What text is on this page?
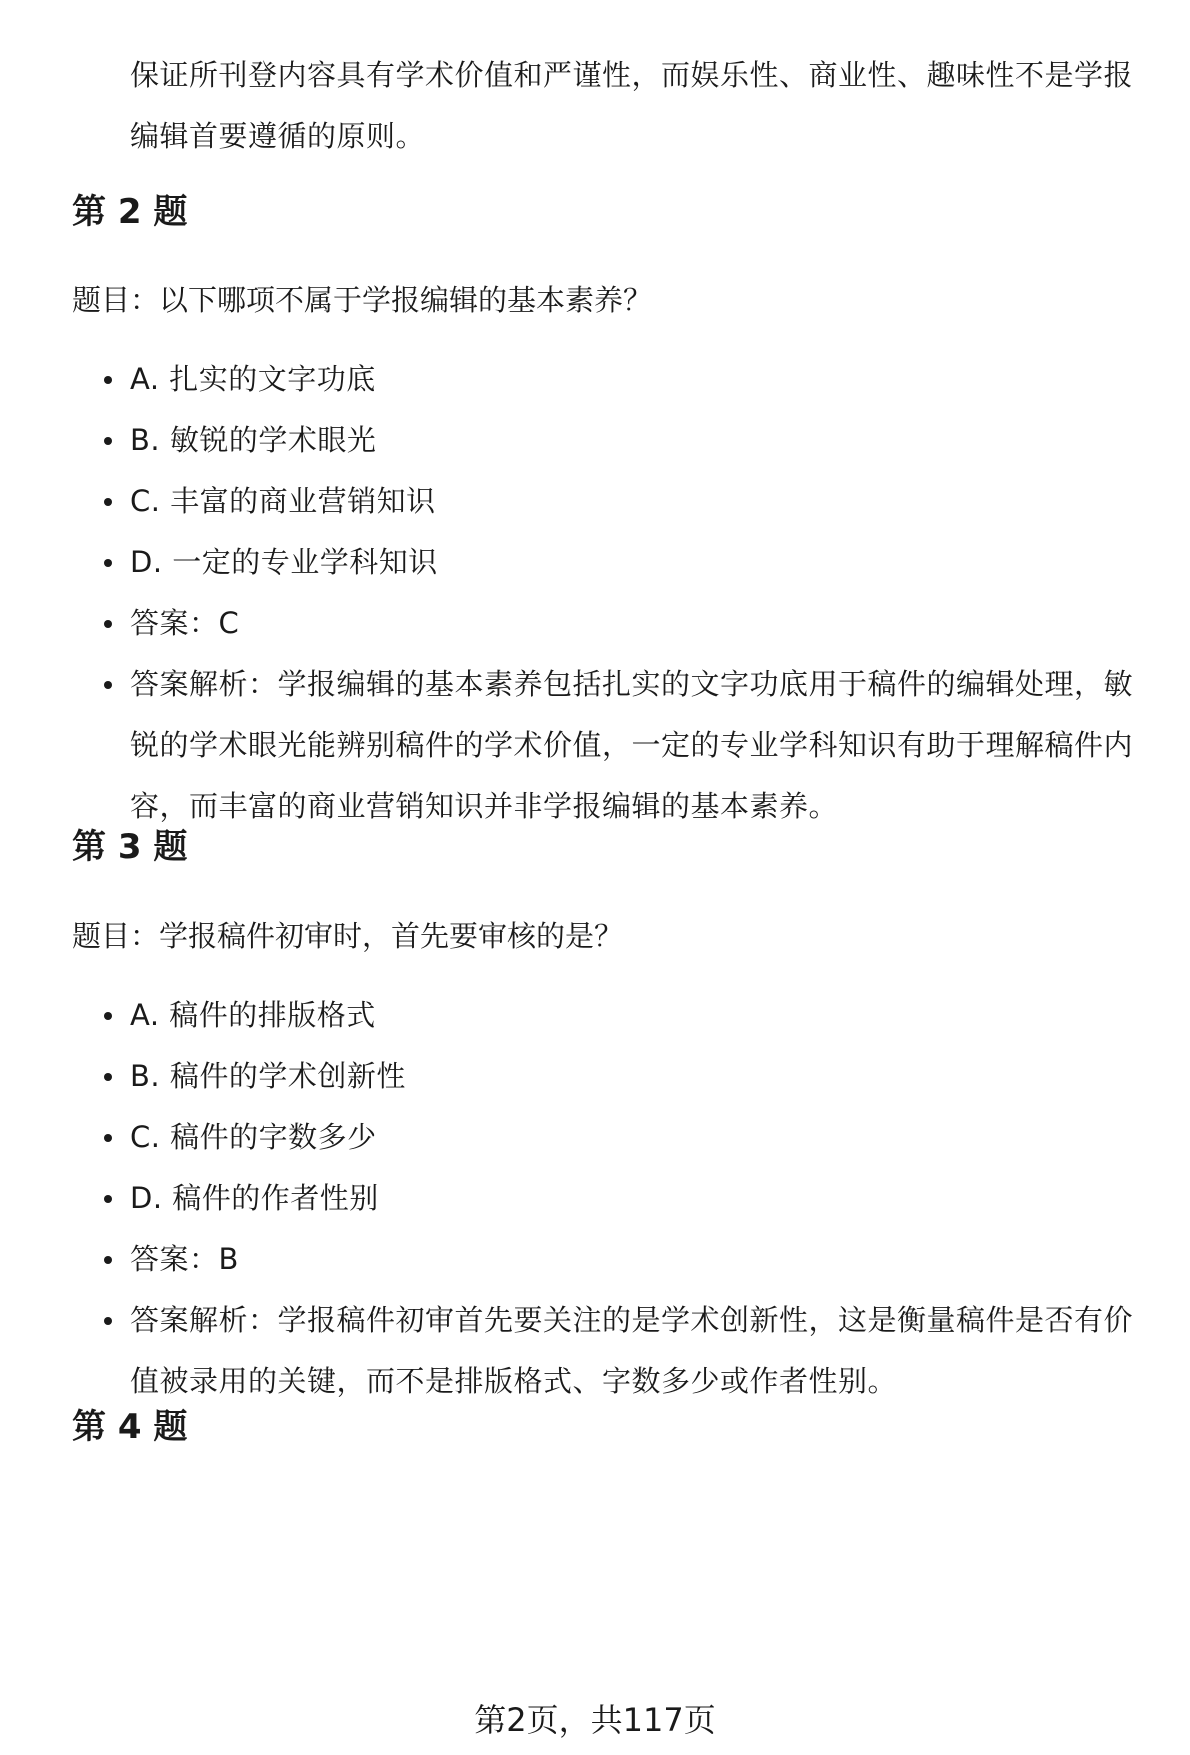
保证所刊登内容具有学术价值和严谨性，而娱乐性、商业性、趣味性不是学报编辑首要遵循的原则。
第 2 题
题目：以下哪项不属于学报编辑的基本素养？
A. 扎实的文字功底
B. 敏锐的学术眼光
C. 丰富的商业营销知识
D. 一定的专业学科知识
答案：C
答案解析：学报编辑的基本素养包括扎实的文字功底用于稿件的编辑处理，敏锐的学术眼光能辨别稿件的学术价值，一定的专业学科知识有助于理解稿件内容，而丰富的商业营销知识并非学报编辑的基本素养。
第 3 题
题目：学报稿件初审时，首先要审核的是？
A. 稿件的排版格式
B. 稿件的学术创新性
C. 稿件的字数多少
D. 稿件的作者性别
答案：B
答案解析：学报稿件初审首先要关注的是学术创新性，这是衡量稿件是否有价值被录用的关键，而不是排版格式、字数多少或作者性别。
第 4 题
第2页，共117页
